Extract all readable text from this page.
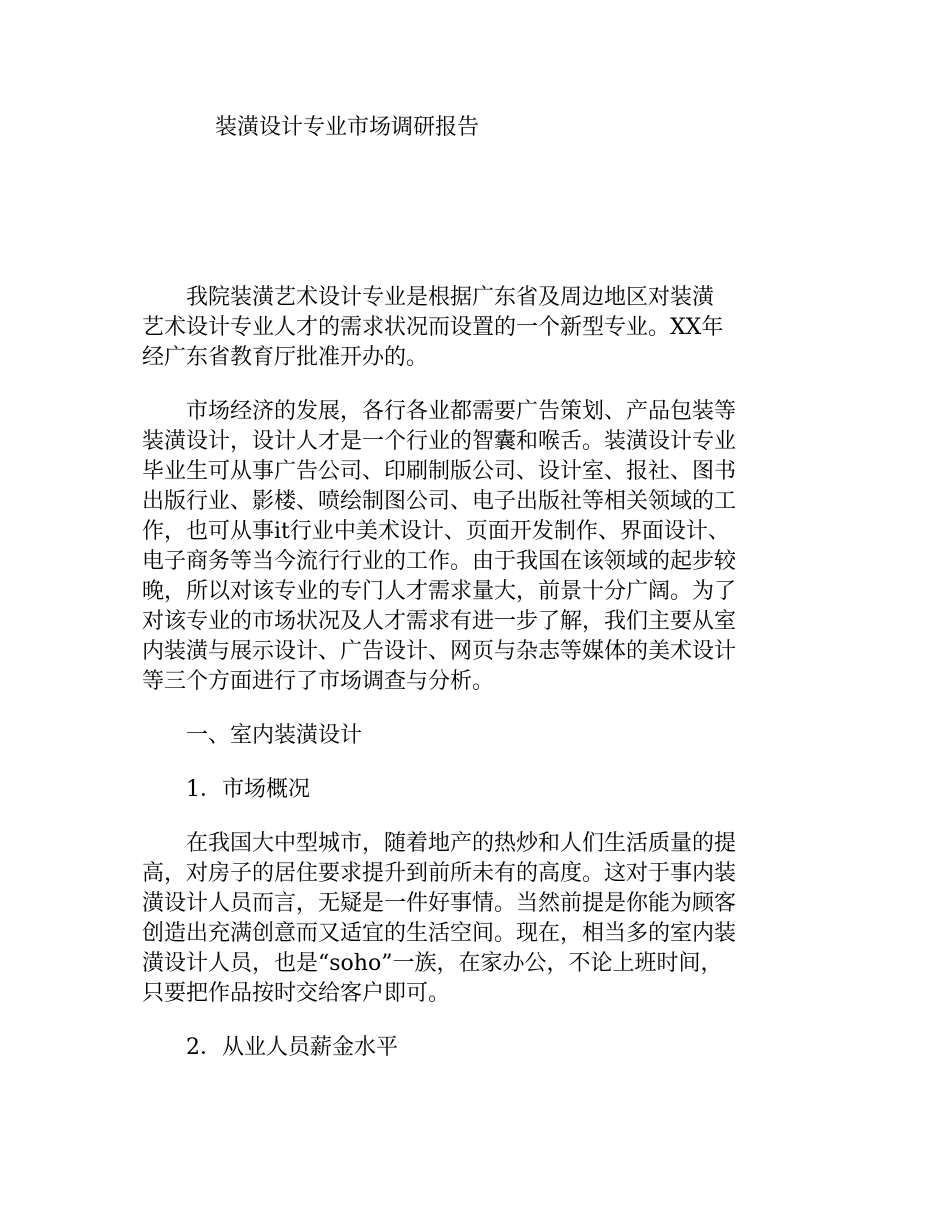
装潢设计专业市场调研报告
　　我院装潢艺术设计专业是根据广东省及周边地区对装潢
艺术设计专业人才的需求状况而设置的一个新型专业。XX年
经广东省教育厅批准开办的。
　　市场经济的发展，各行各业都需要广告策划、产品包装等
装潢设计，设计人才是一个行业的智囊和喉舌。装潢设计专业
毕业生可从事广告公司、印刷制版公司、设计室、报社、图书
出版行业、影楼、喷绘制图公司、电子出版社等相关领域的工
作，也可从事it行业中美术设计、页面开发制作、界面设计、
电子商务等当今流行行业的工作。由于我国在该领域的起步较
晚，所以对该专业的专门人才需求量大，前景十分广阔。为了
对该专业的市场状况及人才需求有进一步了解，我们主要从室
内装潢与展示设计、广告设计、网页与杂志等媒体的美术设计
等三个方面进行了市场调查与分析。
　　一、室内装潢设计
　　1．市场概况
　　在我国大中型城市，随着地产的热炒和人们生活质量的提
高，对房子的居住要求提升到前所未有的高度。这对于事内装
潢设计人员而言，无疑是一件好事情。当然前提是你能为顾客
创造出充满创意而又适宜的生活空间。现在，相当多的室内装
潢设计人员，也是“soho”一族，在家办公，不论上班时间，
只要把作品按时交给客户即可。
　　2．从业人员薪金水平
